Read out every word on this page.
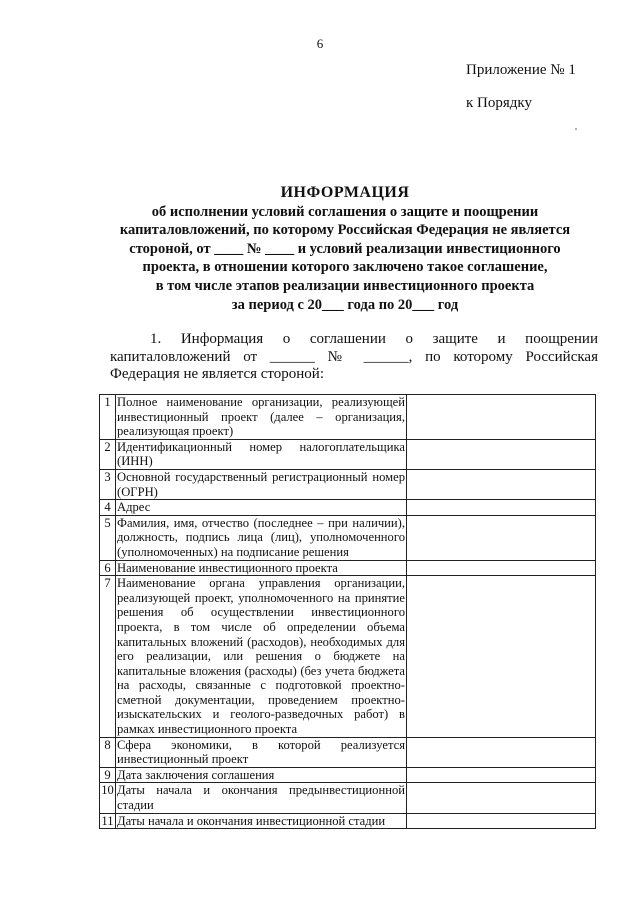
6
Приложение № 1
к Порядку
ИНФОРМАЦИЯ
об исполнении условий соглашения о защите и поощрении
капиталовложений, по которому Российская Федерация не является
стороной, от ____ № ____ и условий реализации инвестиционного
проекта, в отношении которого заключено такое соглашение,
в том числе этапов реализации инвестиционного проекта
за период с 20___ года по 20___ год
1. Информация о соглашении о защите и поощрении
капиталовложений от ______ № ______, по которому Российская Федерация не является стороной:
1	Полное наименование организации, реализующей инвестиционный проект (далее – организация, реализующая проект)	
2	Идентификационный номер налогоплательщика (ИНН)	
3	Основной государственный регистрационный номер (ОГРН)	
4	Адрес	
5	Фамилия, имя, отчество (последнее – при наличии), должность, подпись лица (лиц), уполномоченного (уполномоченных) на подписание решения	
6	Наименование инвестиционного проекта	
7	Наименование органа управления организации, реализующей проект, уполномоченного на принятие решения об осуществлении инвестиционного проекта, в том числе об определении объема капитальных вложений (расходов), необходимых для его реализации, или решения о бюджете на капитальные вложения (расходы) (без учета бюджета на расходы, связанные с подготовкой проектно-сметной документации, проведением проектно-изыскательских и геолого-разведочных работ) в рамках инвестиционного проекта	
8	Сфера экономики, в которой реализуется инвестиционный проект	
9	Дата заключения соглашения	
10	Даты начала и окончания предынвестиционной стадии	
11	Даты начала и окончания инвестиционной стадии	
